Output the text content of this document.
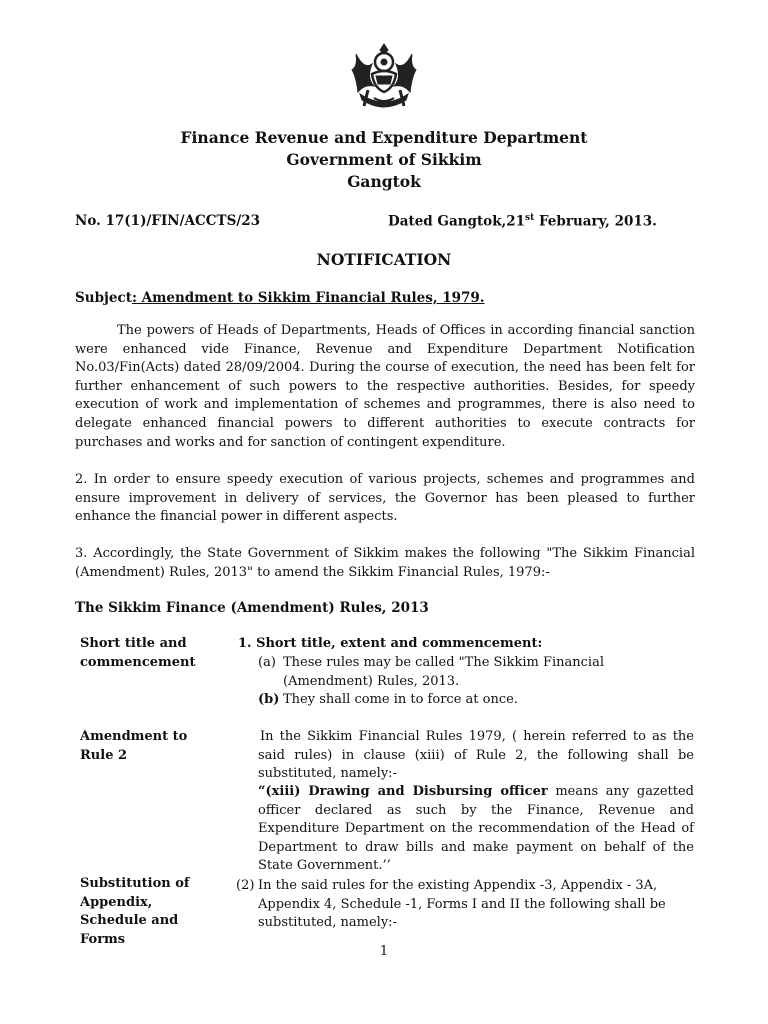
Finance Revenue and Expenditure Department
Government of Sikkim
Gangtok
No. 17(1)/FIN/ACCTS/23	Dated Gangtok,21st February, 2013.
NOTIFICATION
Subject: Amendment to Sikkim Financial Rules, 1979.

The powers of Heads of Departments, Heads of Offices in according financial sanction were enhanced vide Finance, Revenue and Expenditure Department Notification No.03/Fin(Acts) dated 28/09/2004. During the course of execution, the need has been felt for further enhancement of such powers to the respective authorities. Besides, for speedy execution of work and implementation of schemes and programmes, there is also need to delegate enhanced financial powers to different authorities to execute contracts for purchases and works and for sanction of contingent expenditure.

2. In order to ensure speedy execution of various projects, schemes and programmes and ensure improvement in delivery of services, the Governor has been pleased to further enhance the financial power in different aspects.

3. Accordingly, the State Government of Sikkim makes the following "The Sikkim Financial (Amendment) Rules, 2013" to amend the Sikkim Financial Rules, 1979:-

The Sikkim Finance (Amendment) Rules, 2013
Short title and commencement
1. Short title, extent and commencement:
(a) These rules may be called "The Sikkim Financial (Amendment) Rules, 2013.
(b) They shall come in to force at once.
Amendment to Rule 2
In the Sikkim Financial Rules 1979, ( herein referred to as the said rules) in clause (xiii) of Rule 2, the following shall be substituted, namely:-
“(xiii) Drawing and Disbursing officer means any gazetted officer declared as such by the Finance, Revenue and Expenditure Department on the recommendation of the Head of Department to draw bills and make payment on behalf of the State Government.’’
Substitution of Appendix, Schedule and Forms
(2) In the said rules for the existing Appendix -3, Appendix - 3A, Appendix 4, Schedule -1, Forms I and II the following shall be substituted, namely:-
1
